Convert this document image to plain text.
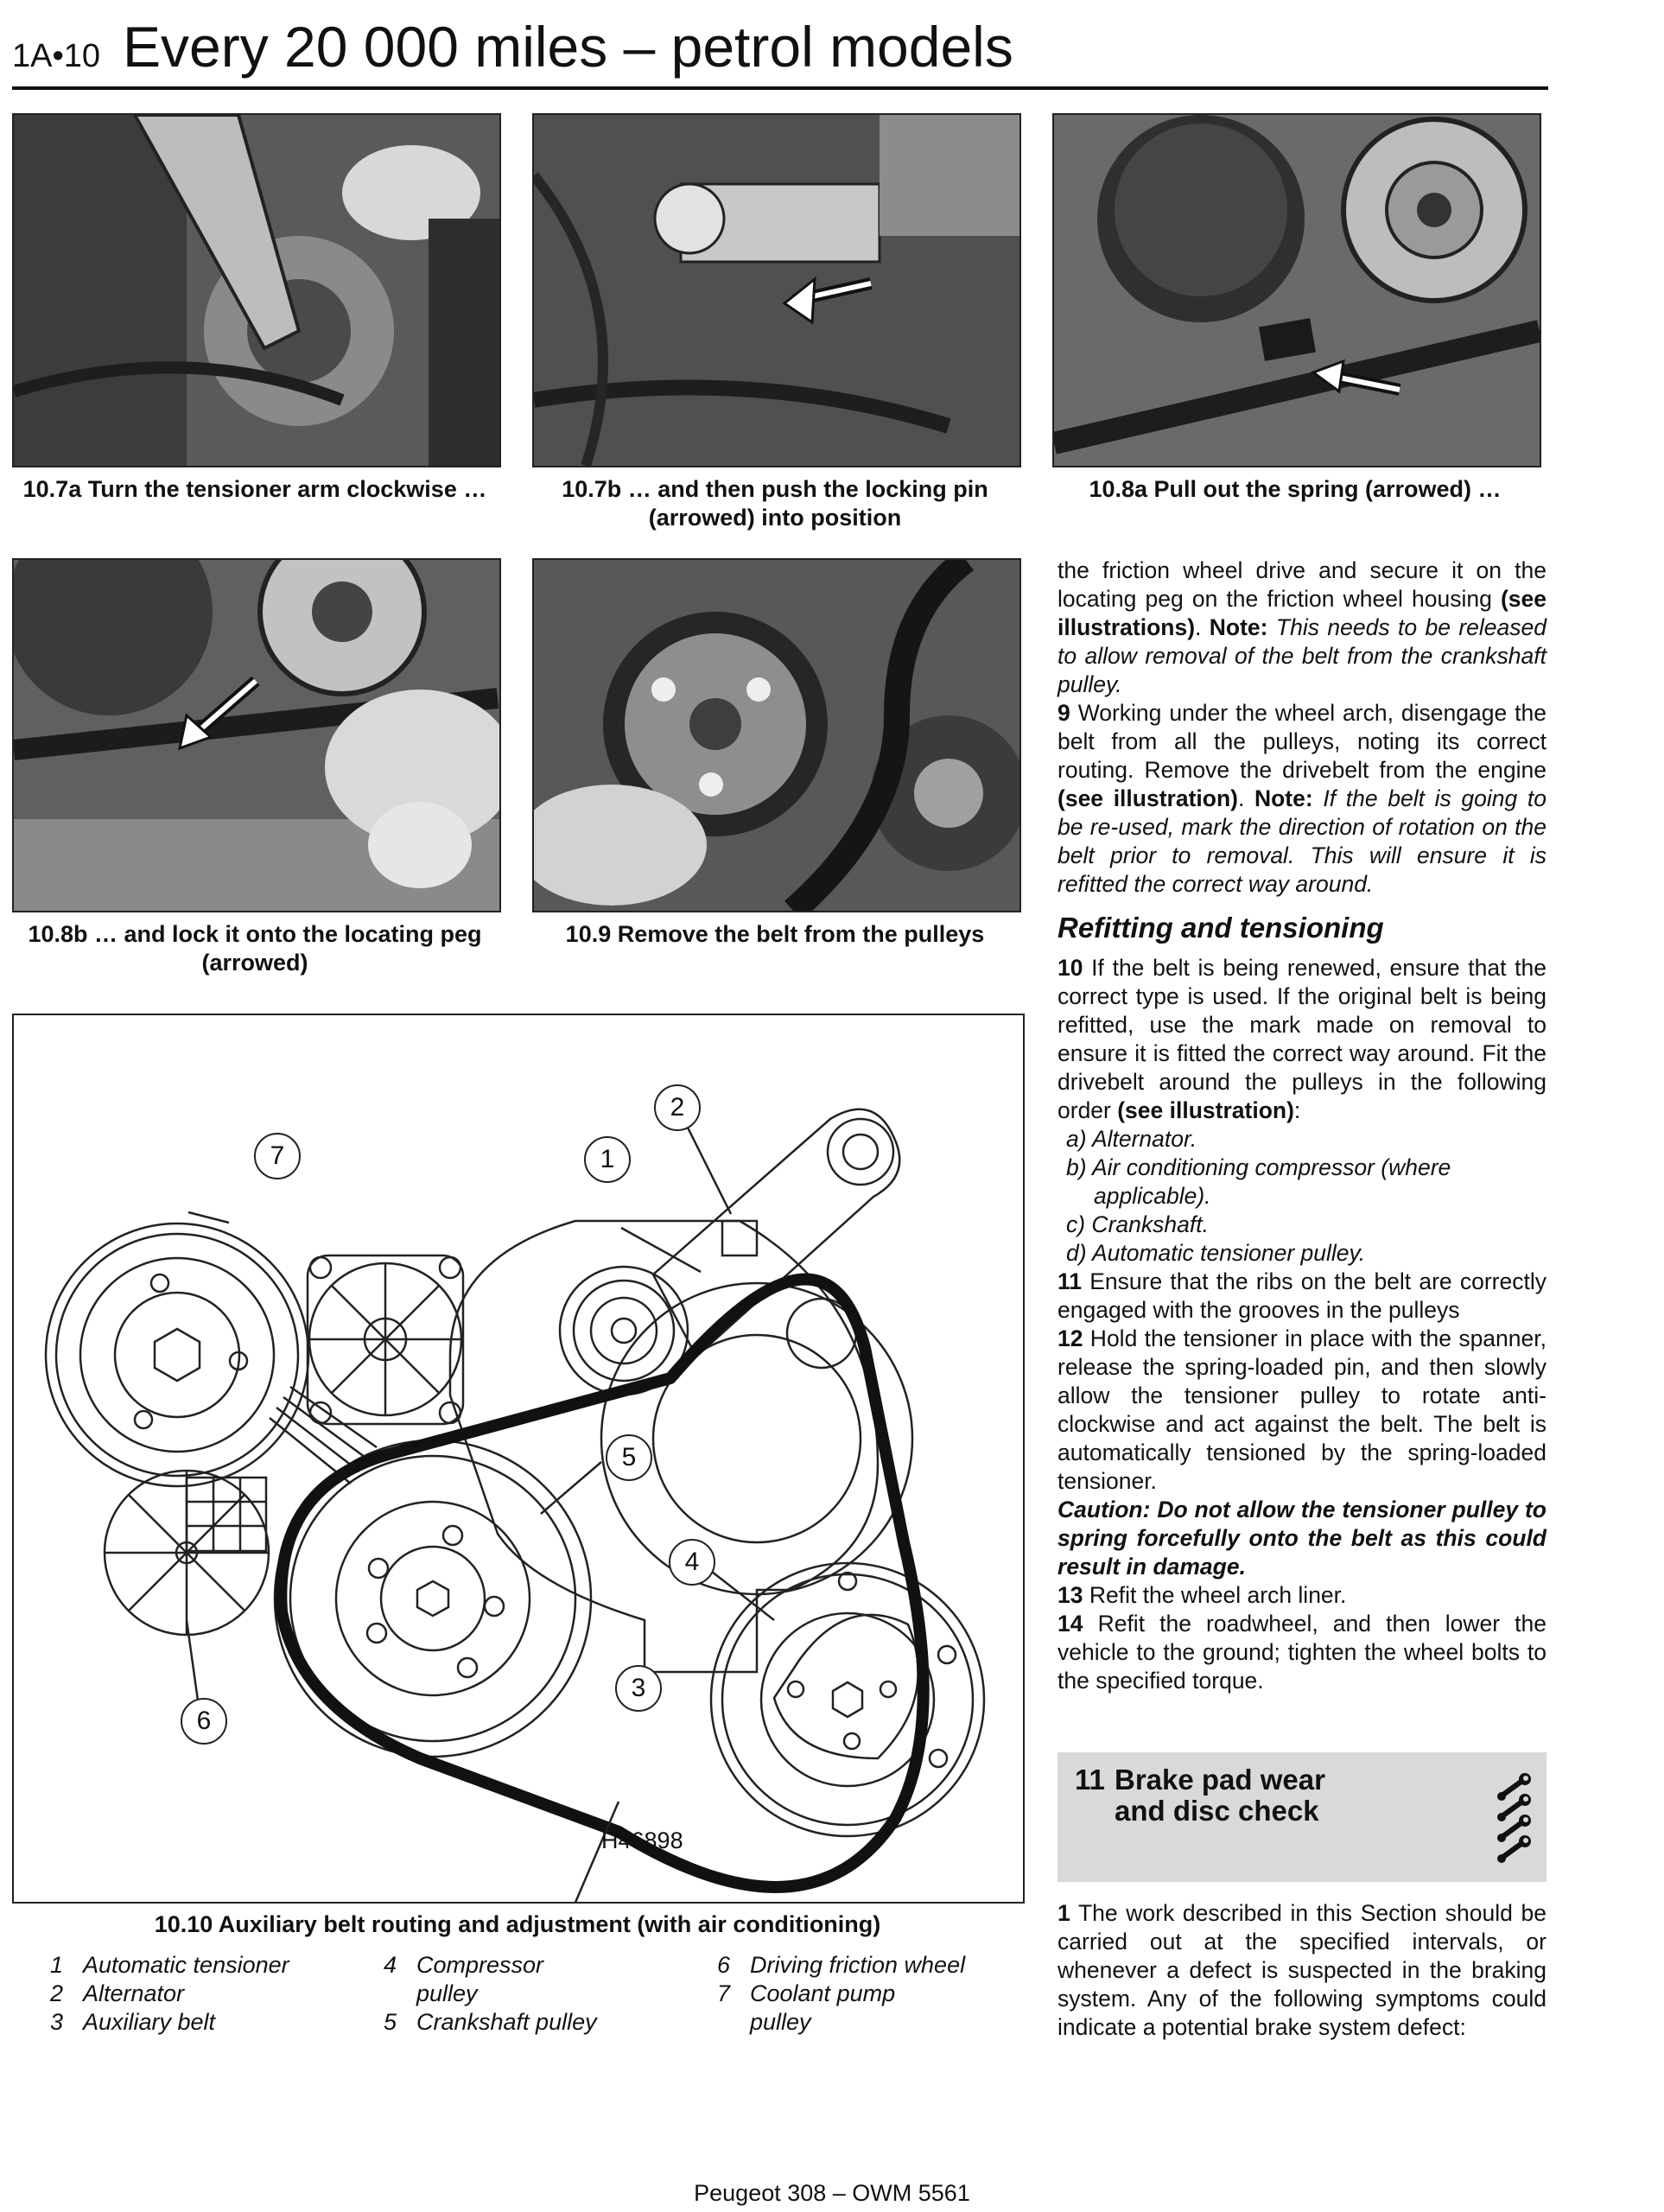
1A•10 Every 20 000 miles – petrol models
10.7a Turn the tensioner arm clockwise …	10.7b … and then push the locking pin (arrowed) into position
10.8a Pull out the spring (arrowed) …
10.8b … and lock it onto the locating peg (arrowed)
10.9 Remove the belt from the pulleys
7	1
2
5
4
3
6
H46898
10.10 Auxiliary belt routing and adjustment (with air conditioning)
1 Automatic tensioner
2 Alternator
3 Auxiliary belt
4 Compressor pulley
5 Crankshaft pulley
6 Driving friction wheel
7 Coolant pump pulley

the friction wheel drive and secure it on the locating peg on the friction wheel housing (see illustrations). Note: This needs to be released to allow removal of the belt from the crankshaft pulley.

9 Working under the wheel arch, disengage the belt from all the pulleys, noting its correct routing. Remove the drivebelt from the engine (see illustration). Note: If the belt is going to be re-used, mark the direction of rotation on the belt prior to removal. This will ensure it is refitted the correct way around.

Refitting and tensioning

10 If the belt is being renewed, ensure that the correct type is used. If the original belt is being refitted, use the mark made on removal to ensure it is fitted the correct way around. Fit the drivebelt around the pulleys in the following order (see illustration):

a) Alternator.

b) Air conditioning compressor (where applicable).

c) Crankshaft.

d) Automatic tensioner pulley.

11 Ensure that the ribs on the belt are correctly engaged with the grooves in the pulleys

12 Hold the tensioner in place with the spanner, release the spring-loaded pin, and then slowly allow the tensioner pulley to rotate anti-clockwise and act against the belt. The belt is automatically tensioned by the spring-loaded tensioner.

Caution: Do not allow the tensioner pulley to spring forcefully onto the belt as this could result in damage.

13 Refit the wheel arch liner.

14 Refit the roadwheel, and then lower the vehicle to the ground; tighten the wheel bolts to the specified torque.

11 Brake pad wear
and disc check

1 The work described in this Section should be carried out at the specified intervals, or whenever a defect is suspected in the braking system. Any of the following symptoms could indicate a potential brake system defect:

Peugeot 308 – OWM 5561
